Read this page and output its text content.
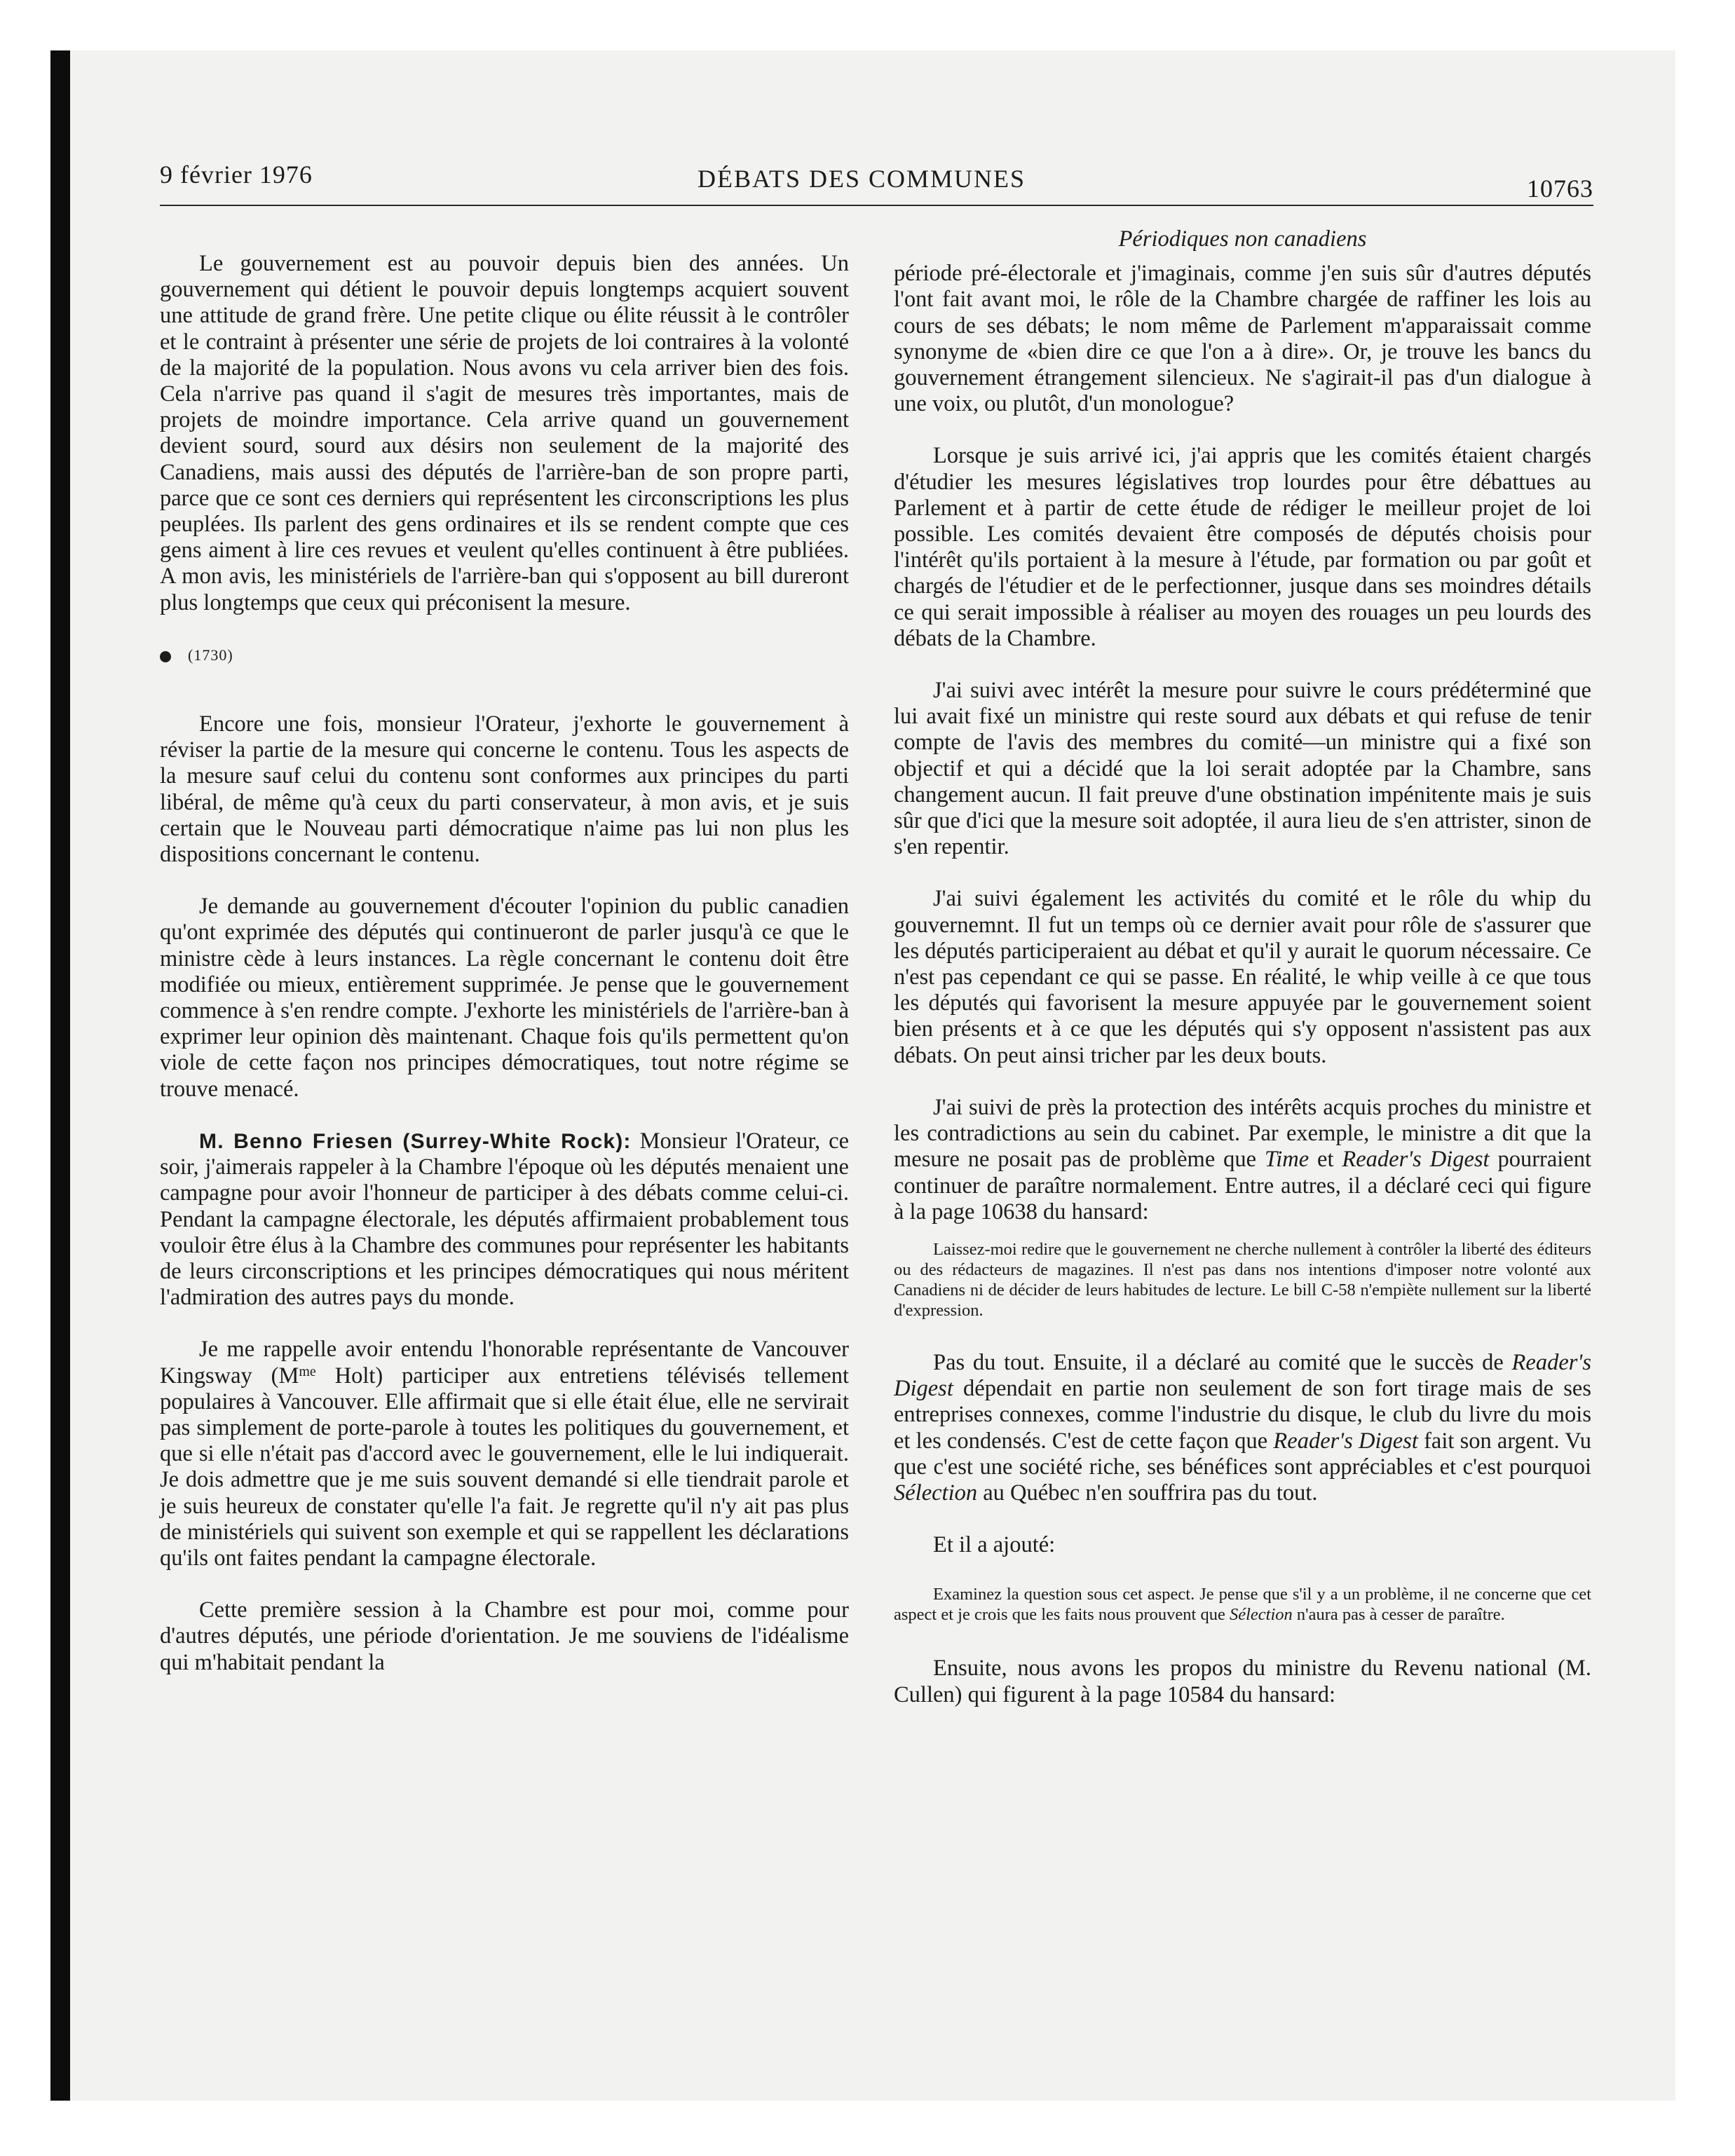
9 février 1976	DÉBATS DES COMMUNES	10763

Le gouvernement est au pouvoir depuis bien des années. Un gouvernement qui détient le pouvoir depuis longtemps acquiert souvent une attitude de grand frère. Une petite clique ou élite réussit à le contrôler et le contraint à présenter une série de projets de loi contraires à la volonté de la majorité de la population. Nous avons vu cela arriver bien des fois. Cela n'arrive pas quand il s'agit de mesures très importantes, mais de projets de moindre importance. Cela arrive quand un gouvernement devient sourd, sourd aux désirs non seulement de la majorité des Canadiens, mais aussi des députés de l'arrière-ban de son propre parti, parce que ce sont ces derniers qui représentent les circonscriptions les plus peuplées. Ils parlent des gens ordinaires et ils se rendent compte que ces gens aiment à lire ces revues et veulent qu'elles continuent à être publiées. A mon avis, les ministériels de l'arrière-ban qui s'opposent au bill dureront plus longtemps que ceux qui préconisent la mesure.

(1730)

Encore une fois, monsieur l'Orateur, j'exhorte le gouvernement à réviser la partie de la mesure qui concerne le contenu. Tous les aspects de la mesure sauf celui du contenu sont conformes aux principes du parti libéral, de même qu'à ceux du parti conservateur, à mon avis, et je suis certain que le Nouveau parti démocratique n'aime pas lui non plus les dispositions concernant le contenu.

Je demande au gouvernement d'écouter l'opinion du public canadien qu'ont exprimée des députés qui continueront de parler jusqu'à ce que le ministre cède à leurs instances. La règle concernant le contenu doit être modifiée ou mieux, entièrement supprimée. Je pense que le gouvernement commence à s'en rendre compte. J'exhorte les ministériels de l'arrière-ban à exprimer leur opinion dès maintenant. Chaque fois qu'ils permettent qu'on viole de cette façon nos principes démocratiques, tout notre régime se trouve menacé.

M. Benno Friesen (Surrey-White Rock): Monsieur l'Orateur, ce soir, j'aimerais rappeler à la Chambre l'époque où les députés menaient une campagne pour avoir l'honneur de participer à des débats comme celui-ci. Pendant la campagne électorale, les députés affirmaient probablement tous vouloir être élus à la Chambre des communes pour représenter les habitants de leurs circonscriptions et les principes démocratiques qui nous méritent l'admiration des autres pays du monde.

Je me rappelle avoir entendu l'honorable représentante de Vancouver Kingsway ($M^{me}$ Holt) participer aux entretiens télévisés tellement populaires à Vancouver. Elle affirmait que si elle était élue, elle ne servirait pas simplement de porte-parole à toutes les politiques du gouvernement, et que si elle n'était pas d'accord avec le gouvernement, elle le lui indiquerait. Je dois admettre que je me suis souvent demandé si elle tiendrait parole et je suis heureux de constater qu'elle l'a fait. Je regrette qu'il n'y ait pas plus de ministériels qui suivent son exemple et qui se rappellent les déclarations qu'ils ont faites pendant la campagne électorale.

Cette première session à la Chambre est pour moi, comme pour d'autres députés, une période d'orientation. Je me souviens de l'idéalisme qui m'habitait pendant la

Périodiques non canadiens

période pré-électorale et j'imaginais, comme j'en suis sûr d'autres députés l'ont fait avant moi, le rôle de la Chambre chargée de raffiner les lois au cours de ses débats; le nom même de Parlement m'apparaissait comme synonyme de «bien dire ce que l'on a à dire». Or, je trouve les bancs du gouvernement étrangement silencieux. Ne s'agirait-il pas d'un dialogue à une voix, ou plutôt, d'un monologue?

Lorsque je suis arrivé ici, j'ai appris que les comités étaient chargés d'étudier les mesures législatives trop lourdes pour être débattues au Parlement et à partir de cette étude de rédiger le meilleur projet de loi possible. Les comités devaient être composés de députés choisis pour l'intérêt qu'ils portaient à la mesure à l'étude, par formation ou par goût et chargés de l'étudier et de le perfectionner, jusque dans ses moindres détails ce qui serait impossible à réaliser au moyen des rouages un peu lourds des débats de la Chambre.

J'ai suivi avec intérêt la mesure pour suivre le cours prédéterminé que lui avait fixé un ministre qui reste sourd aux débats et qui refuse de tenir compte de l'avis des membres du comité—un ministre qui a fixé son objectif et qui a décidé que la loi serait adoptée par la Chambre, sans changement aucun. Il fait preuve d'une obstination impénitente mais je suis sûr que d'ici que la mesure soit adoptée, il aura lieu de s'en attrister, sinon de s'en repentir.

J'ai suivi également les activités du comité et le rôle du whip du gouvernemnt. Il fut un temps où ce dernier avait pour rôle de s'assurer que les députés participeraient au débat et qu'il y aurait le quorum nécessaire. Ce n'est pas cependant ce qui se passe. En réalité, le whip veille à ce que tous les députés qui favorisent la mesure appuyée par le gouvernement soient bien présents et à ce que les députés qui s'y opposent n'assistent pas aux débats. On peut ainsi tricher par les deux bouts.

J'ai suivi de près la protection des intérêts acquis proches du ministre et les contradictions au sein du cabinet. Par exemple, le ministre a dit que la mesure ne posait pas de problème que Time et Reader's Digest pourraient continuer de paraître normalement. Entre autres, il a déclaré ceci qui figure à la page 10638 du hansard:

Laissez-moi redire que le gouvernement ne cherche nullement à contrôler la liberté des éditeurs ou des rédacteurs de magazines. Il n'est pas dans nos intentions d'imposer notre volonté aux Canadiens ni de décider de leurs habitudes de lecture. Le bill C-58 n'empiète nullement sur la liberté d'expression.

Pas du tout. Ensuite, il a déclaré au comité que le succès de Reader's Digest dépendait en partie non seulement de son fort tirage mais de ses entreprises connexes, comme l'industrie du disque, le club du livre du mois et les condensés. C'est de cette façon que Reader's Digest fait son argent. Vu que c'est une société riche, ses bénéfices sont appréciables et c'est pourquoi Sélection au Québec n'en souffrira pas du tout.

Et il a ajouté:

Examinez la question sous cet aspect. Je pense que s'il y a un problème, il ne concerne que cet aspect et je crois que les faits nous prouvent que Sélection n'aura pas à cesser de paraître.

Ensuite, nous avons les propos du ministre du Revenu national (M. Cullen) qui figurent à la page 10584 du hansard:
